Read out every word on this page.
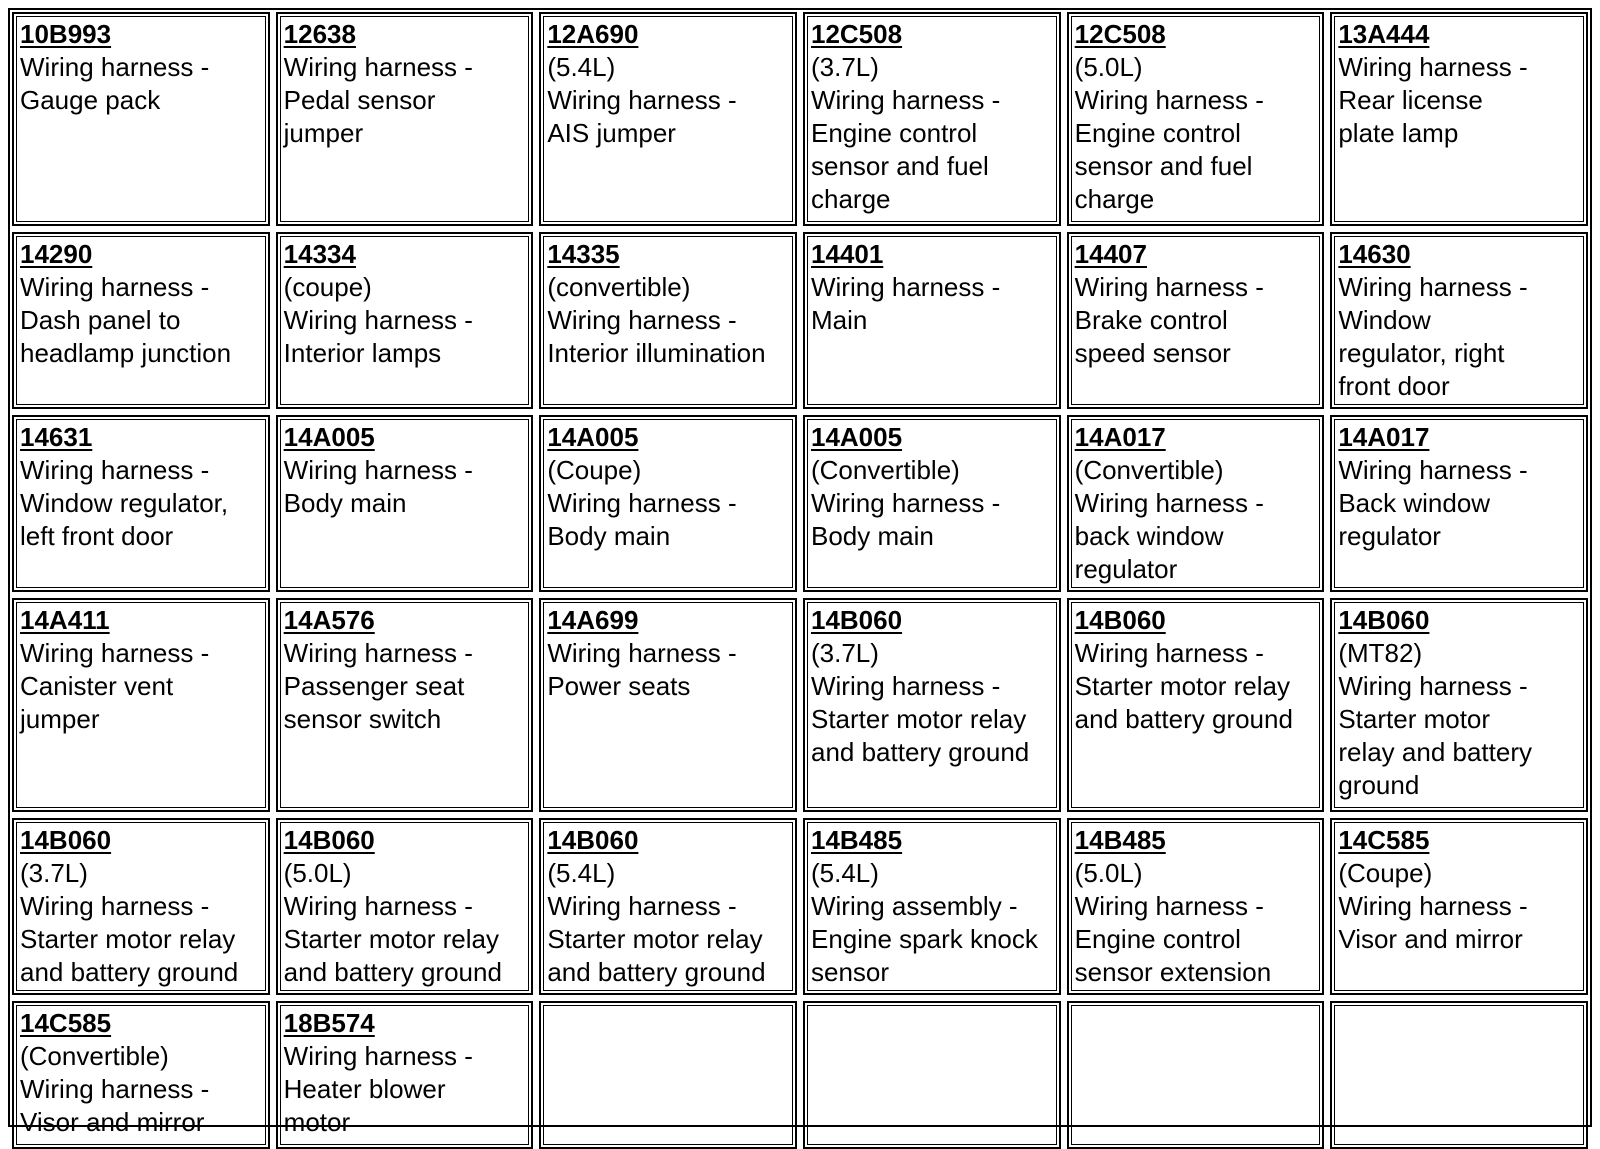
10B993
Wiring harness -
Gauge pack
12638
Wiring harness -
Pedal sensor
jumper
12A690
(5.4L)
Wiring harness -
AIS jumper
12C508
(3.7L)
Wiring harness -
Engine control
sensor and fuel
charge
12C508
(5.0L)
Wiring harness -
Engine control
sensor and fuel
charge
13A444
Wiring harness -
Rear license
plate lamp
14290
Wiring harness -
Dash panel to
headlamp junction
14334
(coupe)
Wiring harness -
Interior lamps
14335
(convertible)
Wiring harness -
Interior illumination
14401
Wiring harness -
Main
14407
Wiring harness -
Brake control
speed sensor
14630
Wiring harness -
Window
regulator, right
front door
14631
Wiring harness -
Window regulator,
left front door
14A005
Wiring harness -
Body main
14A005
(Coupe)
Wiring harness -
Body main
14A005
(Convertible)
Wiring harness -
Body main
14A017
(Convertible)
Wiring harness -
back window
regulator
14A017
Wiring harness -
Back window
regulator
14A411
Wiring harness -
Canister vent
jumper
14A576
Wiring harness -
Passenger seat
sensor switch
14A699
Wiring harness -
Power seats
14B060
(3.7L)
Wiring harness -
Starter motor relay
and battery ground
14B060
Wiring harness -
Starter motor relay
and battery ground
14B060
(MT82)
Wiring harness -
Starter motor
relay and battery
ground
14B060
(3.7L)
Wiring harness -
Starter motor relay
and battery ground
14B060
(5.0L)
Wiring harness -
Starter motor relay
and battery ground
14B060
(5.4L)
Wiring harness -
Starter motor relay
and battery ground
14B485
(5.4L)
Wiring assembly -
Engine spark knock
sensor
14B485
(5.0L)
Wiring harness -
Engine control
sensor extension
14C585
(Coupe)
Wiring harness -
Visor and mirror
14C585
(Convertible)
Wiring harness -
Visor and mirror
18B574
Wiring harness -
Heater blower
motor
